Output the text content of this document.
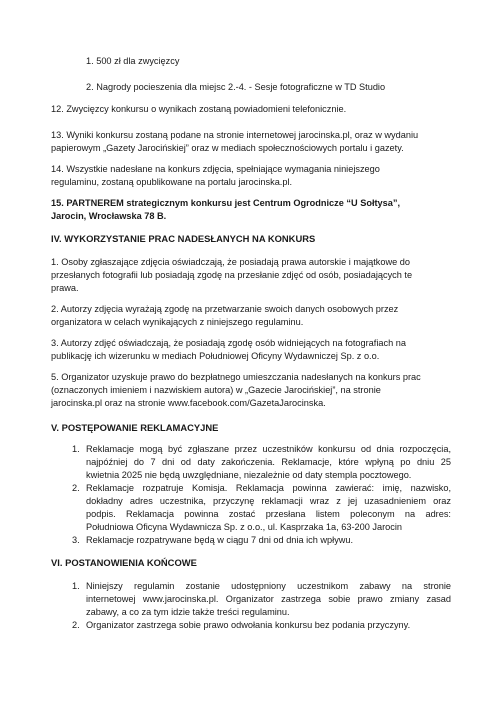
1. 500 zł dla zwycięzcy
2. Nagrody pocieszenia dla miejsc 2.-4. - Sesje fotograficzne w TD Studio
12. Zwycięzcy konkursu o wynikach zostaną powiadomieni telefonicznie.
13. Wyniki konkursu zostaną podane na stronie internetowej jarocinska.pl, oraz w wydaniu
papierowym „Gazety Jarocińskiej” oraz w mediach społecznościowych portalu i gazety.
14. Wszystkie nadesłane na konkurs zdjęcia, spełniające wymagania niniejszego
regulaminu, zostaną opublikowane na portalu jarocinska.pl.
15. PARTNEREM strategicznym konkursu jest Centrum Ogrodnicze “U Sołtysa”,
Jarocin, Wrocławska 78 B.
IV. WYKORZYSTANIE PRAC NADESŁANYCH NA KONKURS
1. Osoby zgłaszające zdjęcia oświadczają, że posiadają prawa autorskie i majątkowe do
przesłanych fotografii lub posiadają zgodę na przesłanie zdjęć od osób, posiadających te
prawa.
2. Autorzy zdjęcia wyrażają zgodę na przetwarzanie swoich danych osobowych przez
organizatora w celach wynikających z niniejszego regulaminu.
3. Autorzy zdjęć oświadczają, że posiadają zgodę osób widniejących na fotografiach na
publikację ich wizerunku w mediach Południowej Oficyny Wydawniczej Sp. z o.o.
5. Organizator uzyskuje prawo do bezpłatnego umieszczania nadesłanych na konkurs prac
(oznaczonych imieniem i nazwiskiem autora) w „Gazecie Jarocińskiej”, na stronie
jarocinska.pl oraz na stronie www.facebook.com/GazetaJarocinska.
V. POSTĘPOWANIE REKLAMACYJNE
1. Reklamacje mogą być zgłaszane przez uczestników konkursu od dnia rozpoczęcia,
najpóźniej do 7 dni od daty zakończenia. Reklamacje, które wpłyną po dniu 25
kwietnia 2025 nie będą uwzględniane, niezależnie od daty stempla pocztowego.
2. Reklamacje rozpatruje Komisja. Reklamacja powinna zawierać: imię, nazwisko,
dokładny adres uczestnika, przyczynę reklamacji wraz z jej uzasadnieniem oraz
podpis. Reklamacja powinna zostać przesłana listem poleconym na adres:
Południowa Oficyna Wydawnicza Sp. z o.o., ul. Kasprzaka 1a, 63-200 Jarocin
3. Reklamacje rozpatrywane będą w ciągu 7 dni od dnia ich wpływu.
VI. POSTANOWIENIA KOŃCOWE
1. Niniejszy regulamin zostanie udostępniony uczestnikom zabawy na stronie
internetowej www.jarocinska.pl. Organizator zastrzega sobie prawo zmiany zasad
zabawy, a co za tym idzie także treści regulaminu.
2. Organizator zastrzega sobie prawo odwołania konkursu bez podania przyczyny.
